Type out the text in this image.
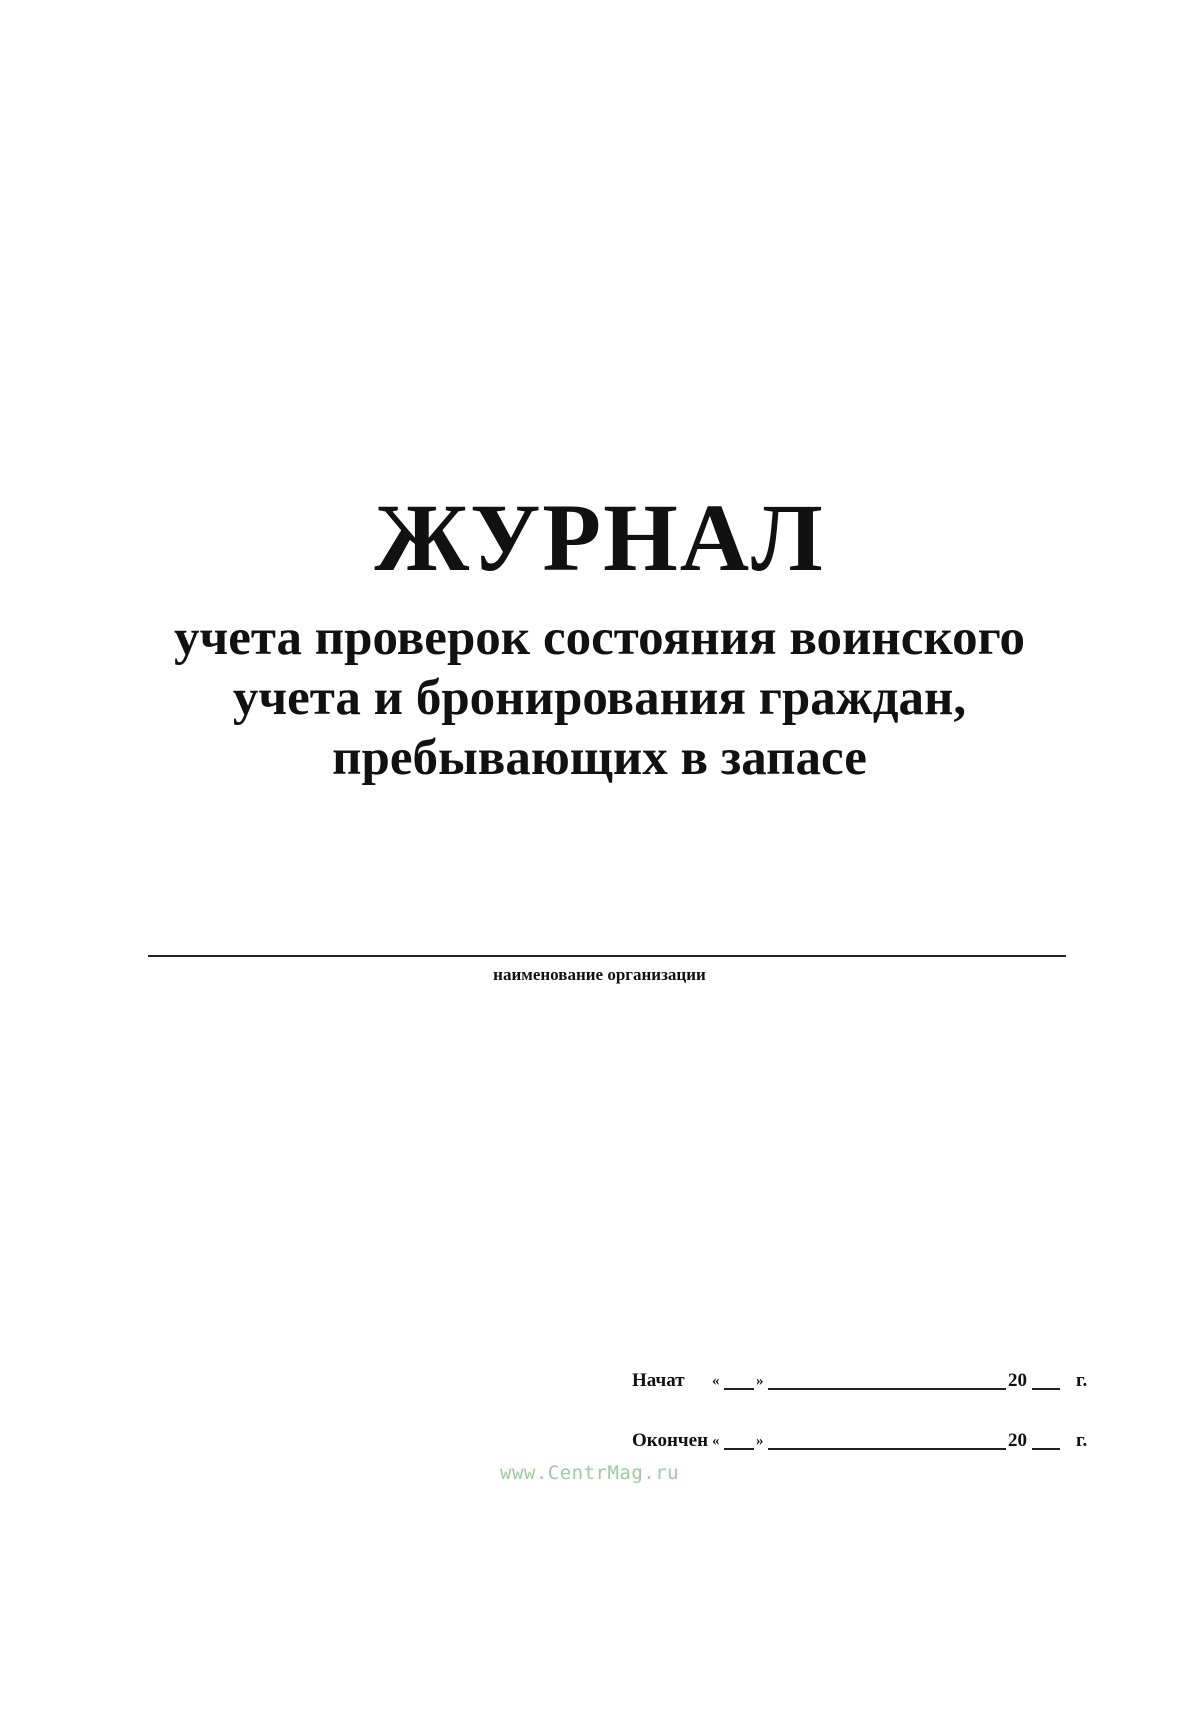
ЖУРНАЛ
учета проверок состояния воинского
учета и бронирования граждан,
пребывающих в запасе
наименование организации
Начат « »	20	г.
Окончен « »	20	г.
www.CentrMag.ru
